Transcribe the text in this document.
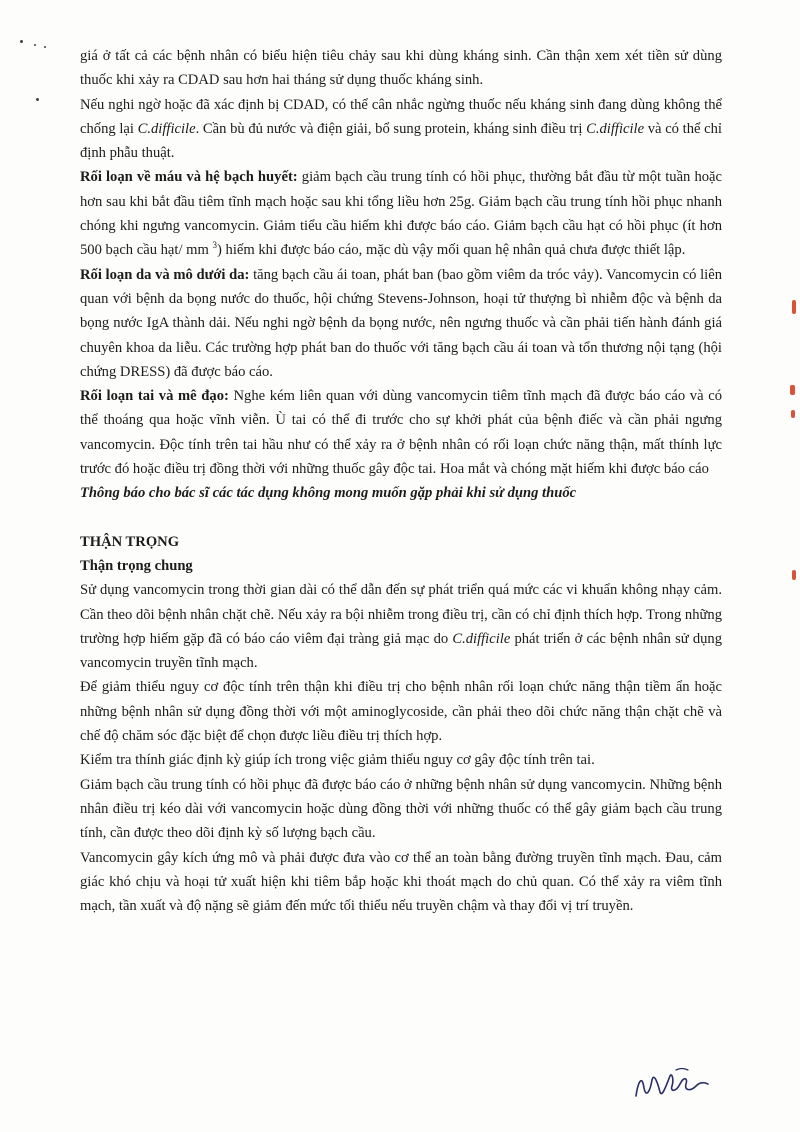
giá ở tất cả các bệnh nhân có biểu hiện tiêu chảy sau khi dùng kháng sinh. Cần thận xem xét tiền sử dùng thuốc khi xảy ra CDAD sau hơn hai tháng sử dụng thuốc kháng sinh.

Nếu nghi ngờ hoặc đã xác định bị CDAD, có thể cân nhắc ngừng thuốc nếu kháng sinh đang dùng không thể chống lại C.difficile. Cần bù đủ nước và điện giải, bổ sung protein, kháng sinh điều trị C.difficile và có thể chỉ định phẫu thuật.

Rối loạn về máu và hệ bạch huyết: giảm bạch cầu trung tính có hồi phục, thường bắt đầu từ một tuần hoặc hơn sau khi bắt đầu tiêm tĩnh mạch hoặc sau khi tổng liều hơn 25g. Giảm bạch cầu trung tính hồi phục nhanh chóng khi ngưng vancomycin. Giảm tiểu cầu hiếm khi được báo cáo. Giảm bạch cầu hạt có hồi phục (ít hơn 500 bạch cầu hạt/ mm $^3$) hiếm khi được báo cáo, mặc dù vậy mối quan hệ nhân quả chưa được thiết lập.

Rối loạn da và mô dưới da: tăng bạch cầu ái toan, phát ban (bao gồm viêm da tróc vảy). Vancomycin có liên quan với bệnh da bọng nước do thuốc, hội chứng Stevens-Johnson, hoại tử thượng bì nhiễm độc và bệnh da bọng nước IgA thành dải. Nếu nghi ngờ bệnh da bọng nước, nên ngưng thuốc và cần phải tiến hành đánh giá chuyên khoa da liễu. Các trường hợp phát ban do thuốc với tăng bạch cầu ái toan và tổn thương nội tạng (hội chứng DRESS) đã được báo cáo.

Rối loạn tai và mê đạo: Nghe kém liên quan với dùng vancomycin tiêm tĩnh mạch đã được báo cáo và có thể thoáng qua hoặc vĩnh viễn. Ù tai có thể đi trước cho sự khởi phát của bệnh điếc và cần phải ngưng vancomycin. Độc tính trên tai hầu như có thể xảy ra ở bệnh nhân có rối loạn chức năng thận, mất thính lực trước đó hoặc điều trị đồng thời với những thuốc gây độc tai. Hoa mắt và chóng mặt hiếm khi được báo cáo

Thông báo cho bác sĩ các tác dụng không mong muốn gặp phải khi sử dụng thuốc

THẬN TRỌNG

Thận trọng chung

Sử dụng vancomycin trong thời gian dài có thể dẫn đến sự phát triển quá mức các vi khuẩn không nhạy cảm. Cần theo dõi bệnh nhân chặt chẽ. Nếu xảy ra bội nhiễm trong điều trị, cần có chỉ định thích hợp. Trong những trường hợp hiếm gặp đã có báo cáo viêm đại tràng giả mạc do C.difficile phát triển ở các bệnh nhân sử dụng vancomycin truyền tĩnh mạch.

Để giảm thiểu nguy cơ độc tính trên thận khi điều trị cho bệnh nhân rối loạn chức năng thận tiềm ẩn hoặc những bệnh nhân sử dụng đồng thời với một aminoglycoside, cần phải theo dõi chức năng thận chặt chẽ và chế độ chăm sóc đặc biệt để chọn được liều điều trị thích hợp.

Kiểm tra thính giác định kỳ giúp ích trong việc giảm thiểu nguy cơ gây độc tính trên tai.

Giảm bạch cầu trung tính có hồi phục đã được báo cáo ở những bệnh nhân sử dụng vancomycin. Những bệnh nhân điều trị kéo dài với vancomycin hoặc dùng đồng thời với những thuốc có thể gây giảm bạch cầu trung tính, cần được theo dõi định kỳ số lượng bạch cầu.

Vancomycin gây kích ứng mô và phải được đưa vào cơ thể an toàn bằng đường truyền tĩnh mạch. Đau, cảm giác khó chịu và hoại tử xuất hiện khi tiêm bắp hoặc khi thoát mạch do chủ quan. Có thể xảy ra viêm tĩnh mạch, tần xuất và độ nặng sẽ giảm đến mức tối thiểu nếu truyền chậm và thay đổi vị trí truyền.
